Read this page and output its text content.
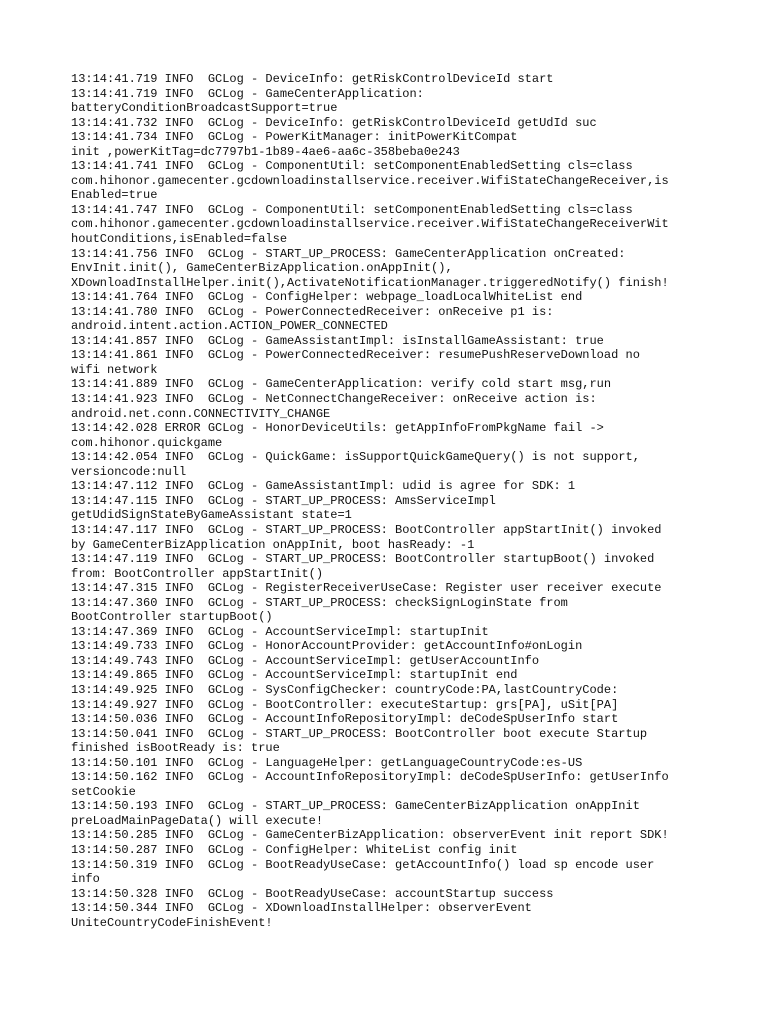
13:14:41.719 INFO  GCLog - DeviceInfo: getRiskControlDeviceId start
13:14:41.719 INFO  GCLog - GameCenterApplication:
batteryConditionBroadcastSupport=true
13:14:41.732 INFO  GCLog - DeviceInfo: getRiskControlDeviceId getUdId suc
13:14:41.734 INFO  GCLog - PowerKitManager: initPowerKitCompat
init ,powerKitTag=dc7797b1-1b89-4ae6-aa6c-358beba0e243
13:14:41.741 INFO  GCLog - ComponentUtil: setComponentEnabledSetting cls=class
com.hihonor.gamecenter.gcdownloadinstallservice.receiver.WifiStateChangeReceiver,is
Enabled=true
13:14:41.747 INFO  GCLog - ComponentUtil: setComponentEnabledSetting cls=class
com.hihonor.gamecenter.gcdownloadinstallservice.receiver.WifiStateChangeReceiverWit
houtConditions,isEnabled=false
13:14:41.756 INFO  GCLog - START_UP_PROCESS: GameCenterApplication onCreated:
EnvInit.init(), GameCenterBizApplication.onAppInit(),
XDownloadInstallHelper.init(),ActivateNotificationManager.triggeredNotify() finish!
13:14:41.764 INFO  GCLog - ConfigHelper: webpage_loadLocalWhiteList end
13:14:41.780 INFO  GCLog - PowerConnectedReceiver: onReceive p1 is:
android.intent.action.ACTION_POWER_CONNECTED
13:14:41.857 INFO  GCLog - GameAssistantImpl: isInstallGameAssistant: true
13:14:41.861 INFO  GCLog - PowerConnectedReceiver: resumePushReserveDownload no
wifi network
13:14:41.889 INFO  GCLog - GameCenterApplication: verify cold start msg,run
13:14:41.923 INFO  GCLog - NetConnectChangeReceiver: onReceive action is:
android.net.conn.CONNECTIVITY_CHANGE
13:14:42.028 ERROR GCLog - HonorDeviceUtils: getAppInfoFromPkgName fail ->
com.hihonor.quickgame
13:14:42.054 INFO  GCLog - QuickGame: isSupportQuickGameQuery() is not support,
versioncode:null
13:14:47.112 INFO  GCLog - GameAssistantImpl: udid is agree for SDK: 1
13:14:47.115 INFO  GCLog - START_UP_PROCESS: AmsServiceImpl
getUdidSignStateByGameAssistant state=1
13:14:47.117 INFO  GCLog - START_UP_PROCESS: BootController appStartInit() invoked
by GameCenterBizApplication onAppInit, boot hasReady: -1
13:14:47.119 INFO  GCLog - START_UP_PROCESS: BootController startupBoot() invoked
from: BootController appStartInit()
13:14:47.315 INFO  GCLog - RegisterReceiverUseCase: Register user receiver execute
13:14:47.360 INFO  GCLog - START_UP_PROCESS: checkSignLoginState from
BootController startupBoot()
13:14:47.369 INFO  GCLog - AccountServiceImpl: startupInit
13:14:49.733 INFO  GCLog - HonorAccountProvider: getAccountInfo#onLogin
13:14:49.743 INFO  GCLog - AccountServiceImpl: getUserAccountInfo
13:14:49.865 INFO  GCLog - AccountServiceImpl: startupInit end
13:14:49.925 INFO  GCLog - SysConfigChecker: countryCode:PA,lastCountryCode:
13:14:49.927 INFO  GCLog - BootController: executeStartup: grs[PA], uSit[PA]
13:14:50.036 INFO  GCLog - AccountInfoRepositoryImpl: deCodeSpUserInfo start
13:14:50.041 INFO  GCLog - START_UP_PROCESS: BootController boot execute Startup
finished isBootReady is: true
13:14:50.101 INFO  GCLog - LanguageHelper: getLanguageCountryCode:es-US
13:14:50.162 INFO  GCLog - AccountInfoRepositoryImpl: deCodeSpUserInfo: getUserInfo
setCookie
13:14:50.193 INFO  GCLog - START_UP_PROCESS: GameCenterBizApplication onAppInit
preLoadMainPageData() will execute!
13:14:50.285 INFO  GCLog - GameCenterBizApplication: observerEvent init report SDK!
13:14:50.287 INFO  GCLog - ConfigHelper: WhiteList config init
13:14:50.319 INFO  GCLog - BootReadyUseCase: getAccountInfo() load sp encode user
info
13:14:50.328 INFO  GCLog - BootReadyUseCase: accountStartup success
13:14:50.344 INFO  GCLog - XDownloadInstallHelper: observerEvent
UniteCountryCodeFinishEvent!
